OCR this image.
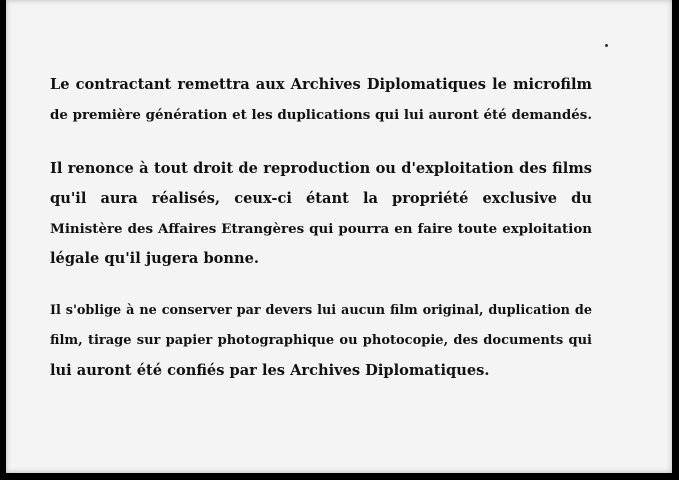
Le contractant remettra aux Archives Diplomatiques le microfilm
de première génération et les duplications qui lui auront été demandés.
Il renonce à tout droit de reproduction ou d'exploitation des films
qu'il aura réalisés, ceux-ci étant la propriété exclusive du
Ministère des Affaires Etrangères qui pourra en faire toute exploitation
légale qu'il jugera bonne.
Il s'oblige à ne conserver par devers lui aucun film original, duplication de
film, tirage sur papier photographique ou photocopie, des documents qui
lui auront été confiés par les Archives Diplomatiques.
